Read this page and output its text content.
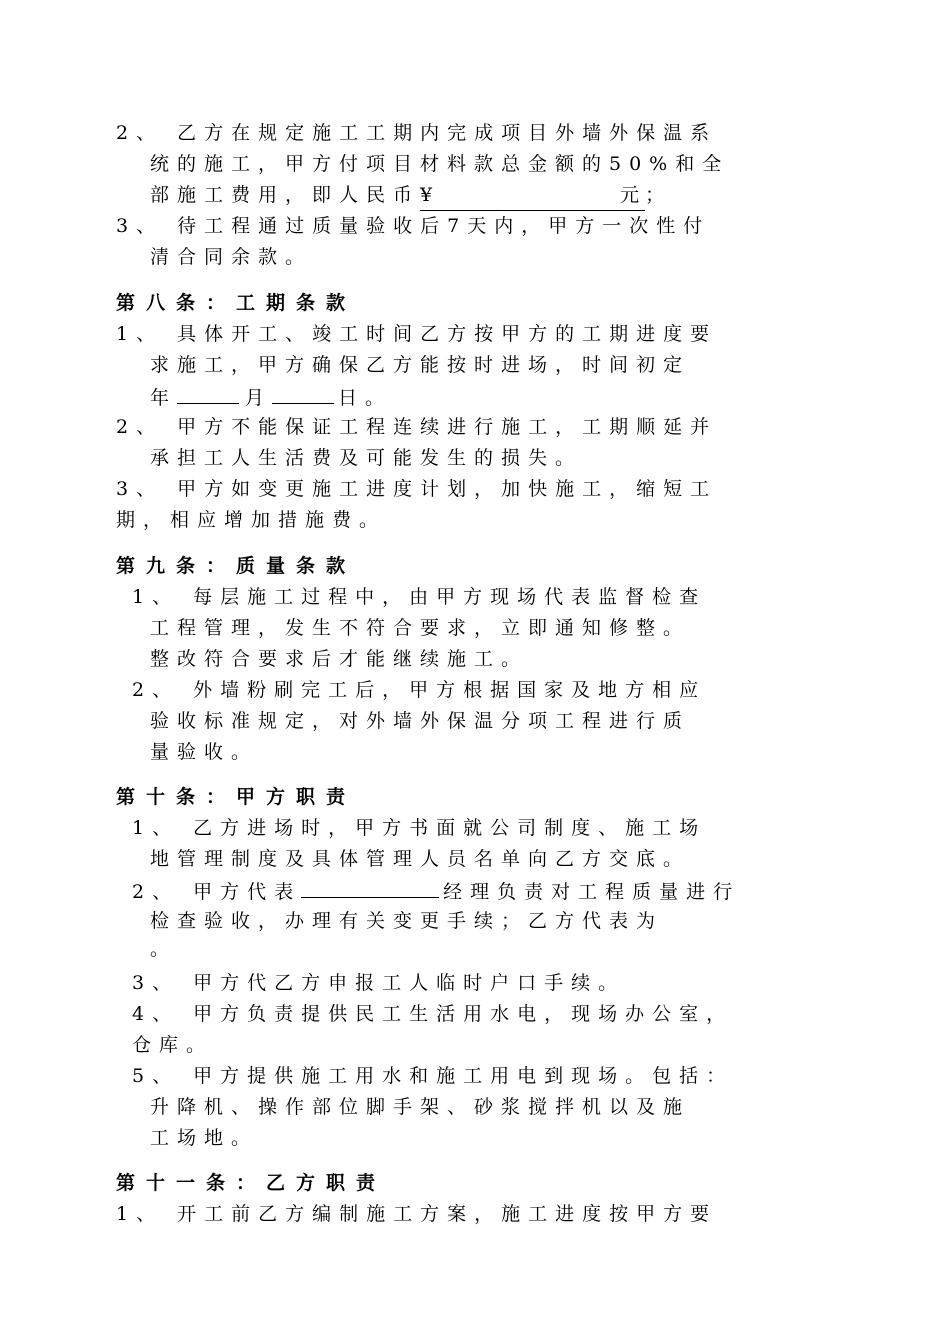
2、 乙方在规定施工工期内完成项目外墙外保温系
统的施工，甲方付项目材料款总金额的50%和全
部施工费用，即人民币¥	元 ；
3、 待工程通过质量验收后7天内，甲方一次性付
清合同余款。
第八条：工期条款
1、 具体开工、竣工时间乙方按甲方的工期进度要
求施工，甲方确保乙方能按时进场，时间初定
年	月	日。
2、 甲方不能保证工程连续进行施工，工期顺延并
承担工人生活费及可能发生的损失。
3、 甲方如变更施工进度计划，加快施工，缩短工
期，相应增加措施费。
第九条：质量条款
1、 每层施工过程中，由甲方现场代表监督检查
工程管理，发生不符合要求，立即通知修整。
整改符合要求后才能继续施工。
2、 外墙粉刷完工后，甲方根据国家及地方相应
验收标准规定，对外墙外保温分项工程进行质
量验收。
第十条：甲方职责
1、 乙方进场时，甲方书面就公司制度、施工场
地管理制度及具体管理人员名单向乙方交底。
2、 甲方代表	经理负责对工程质量进行
检查验收，办理有关变更手续；乙方代表为
。
3、 甲方代乙方申报工人临时户口手续。
4、 甲方负责提供民工生活用水电，现场办公室，
仓库。
5、 甲方提供施工用水和施工用电到现场。包括：
升降机、操作部位脚手架、砂浆搅拌机以及施
工场地。
第十一条：乙方职责
1、 开工前乙方编制施工方案，施工进度按甲方要
